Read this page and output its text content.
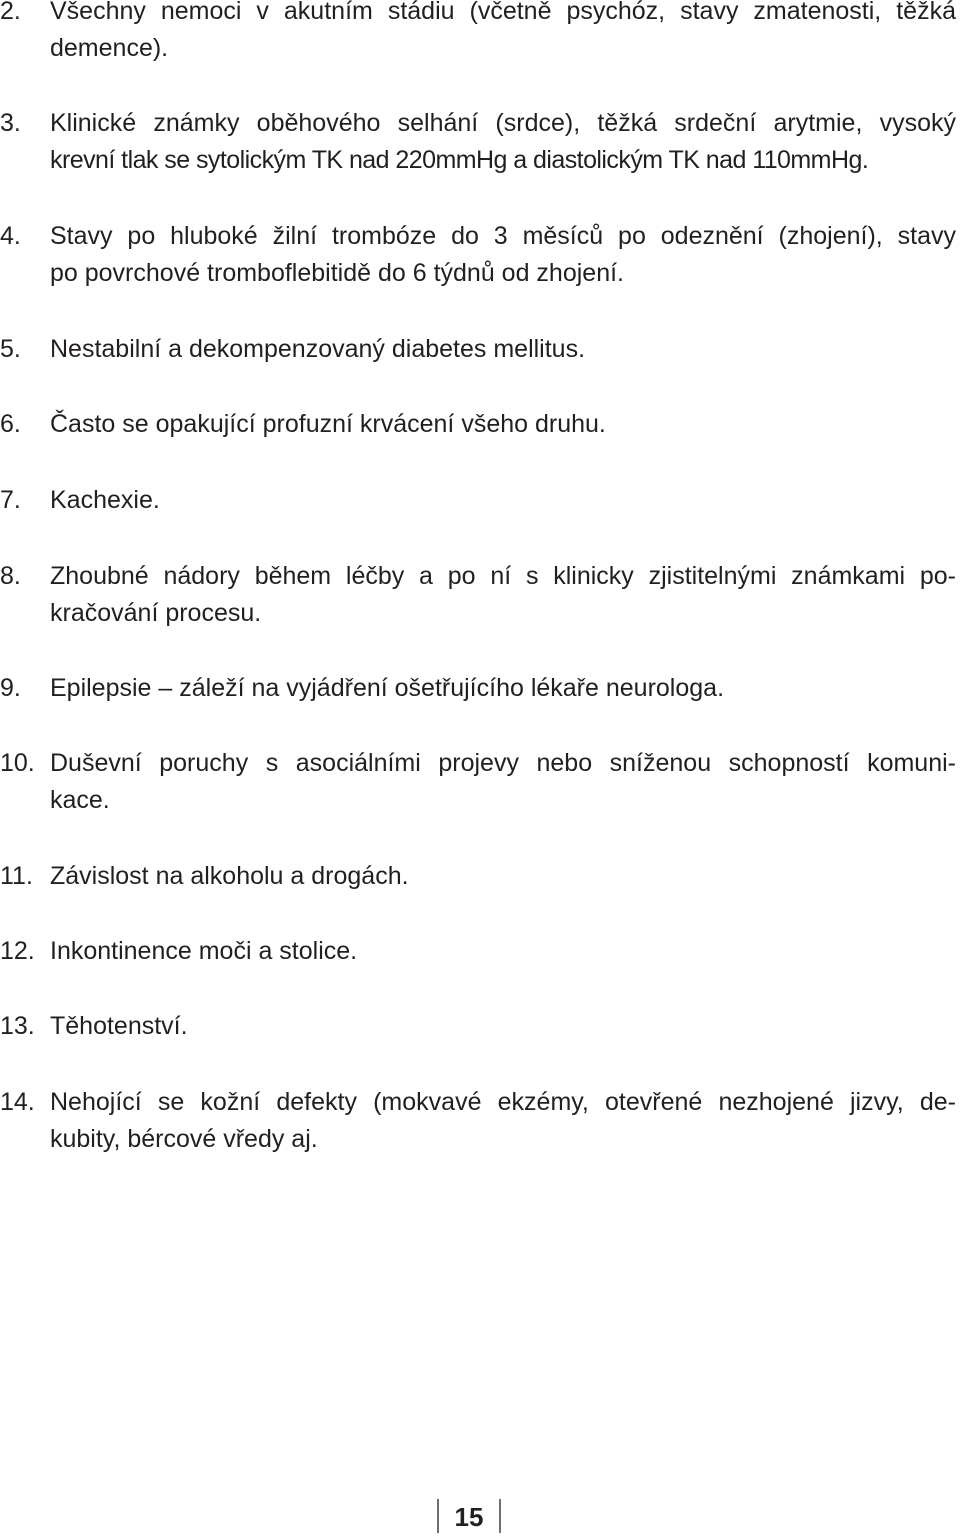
2. Všechny nemoci v akutním stádiu (včetně psychóz, stavy zmatenosti, těžká
demence).
3. Klinické známky oběhového selhání (srdce), těžká srdeční arytmie, vysoký
krevní tlak se sytolickým TK nad 220mmHg a diastolickým TK nad 110mmHg.
4. Stavy po hluboké žilní trombóze do 3 měsíců po odeznění (zhojení), stavy
po povrchové tromboflebitidě do 6 týdnů od zhojení.
5. Nestabilní a dekompenzovaný diabetes mellitus.
6. Často se opakující profuzní krvácení všeho druhu.
7. Kachexie.
8. Zhoubné nádory během léčby a po ní s klinicky zjistitelnými známkami po-
kračování procesu.
9. Epilepsie – záleží na vyjádření ošetřujícího lékaře neurologa.
10. Duševní poruchy s asociálními projevy nebo sníženou schopností komuni-
kace.
11. Závislost na alkoholu a drogách.
12. Inkontinence moči a stolice.
13. Těhotenství.
14. Nehojící se kožní defekty (mokvavé ekzémy, otevřené nezhojené jizvy, de-
kubity, bércové vředy aj.
15
